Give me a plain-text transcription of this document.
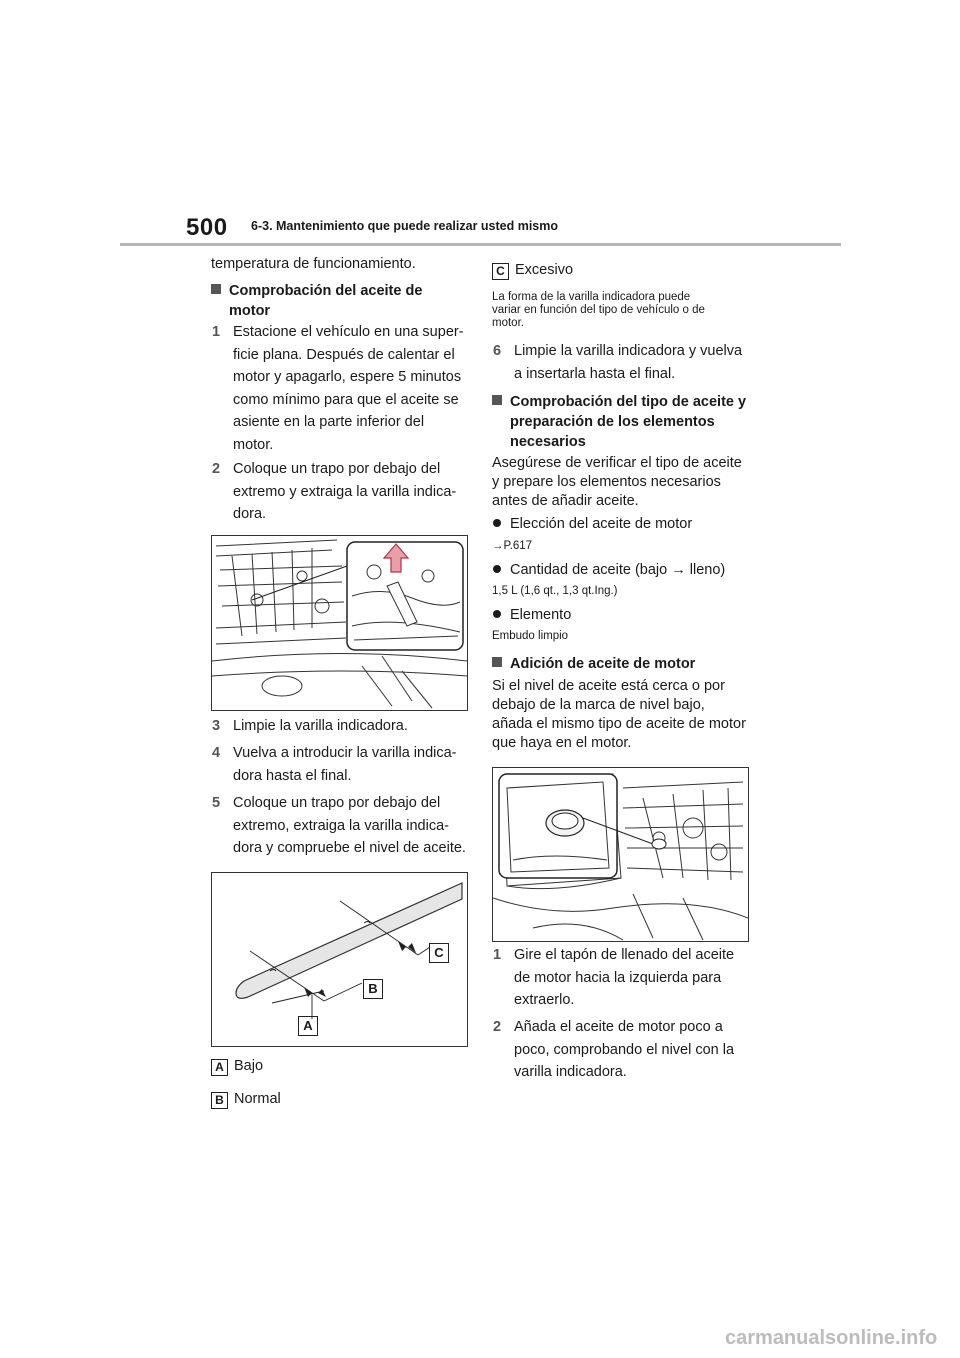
500 6-3. Mantenimiento que puede realizar usted mismo
temperatura de funcionamiento.
Comprobación del aceite de
motor
1 Estacione el vehículo en una super-
ficie plana. Después de calentar el
motor y apagarlo, espere 5 minutos
como mínimo para que el aceite se
asiente en la parte inferior del
motor.
2 Coloque un trapo por debajo del
extremo y extraiga la varilla indica-
dora.
3 Limpie la varilla indicadora.
4 Vuelva a introducir la varilla indica-
dora hasta el final.
5 Coloque un trapo por debajo del
extremo, extraiga la varilla indica-
dora y compruebe el nivel de aceite.
C
B
A
A Bajo
B Normal
C Excesivo
La forma de la varilla indicadora puede
variar en función del tipo de vehículo o de
motor.
6 Limpie la varilla indicadora y vuelva
a insertarla hasta el final.
Comprobación del tipo de aceite y
preparación de los elementos
necesarios
Asegúrese de verificar el tipo de aceite
y prepare los elementos necesarios
antes de añadir aceite.
Elección del aceite de motor
→P.617
Cantidad de aceite (bajo → lleno)
1,5 L (1,6 qt., 1,3 qt.Ing.)
Elemento
Embudo limpio
Adición de aceite de motor
Si el nivel de aceite está cerca o por
debajo de la marca de nivel bajo,
añada el mismo tipo de aceite de motor
que haya en el motor.
1 Gire el tapón de llenado del aceite
de motor hacia la izquierda para
extraerlo.
2 Añada el aceite de motor poco a
poco, comprobando el nivel con la
varilla indicadora.
carmanualsonline.info
